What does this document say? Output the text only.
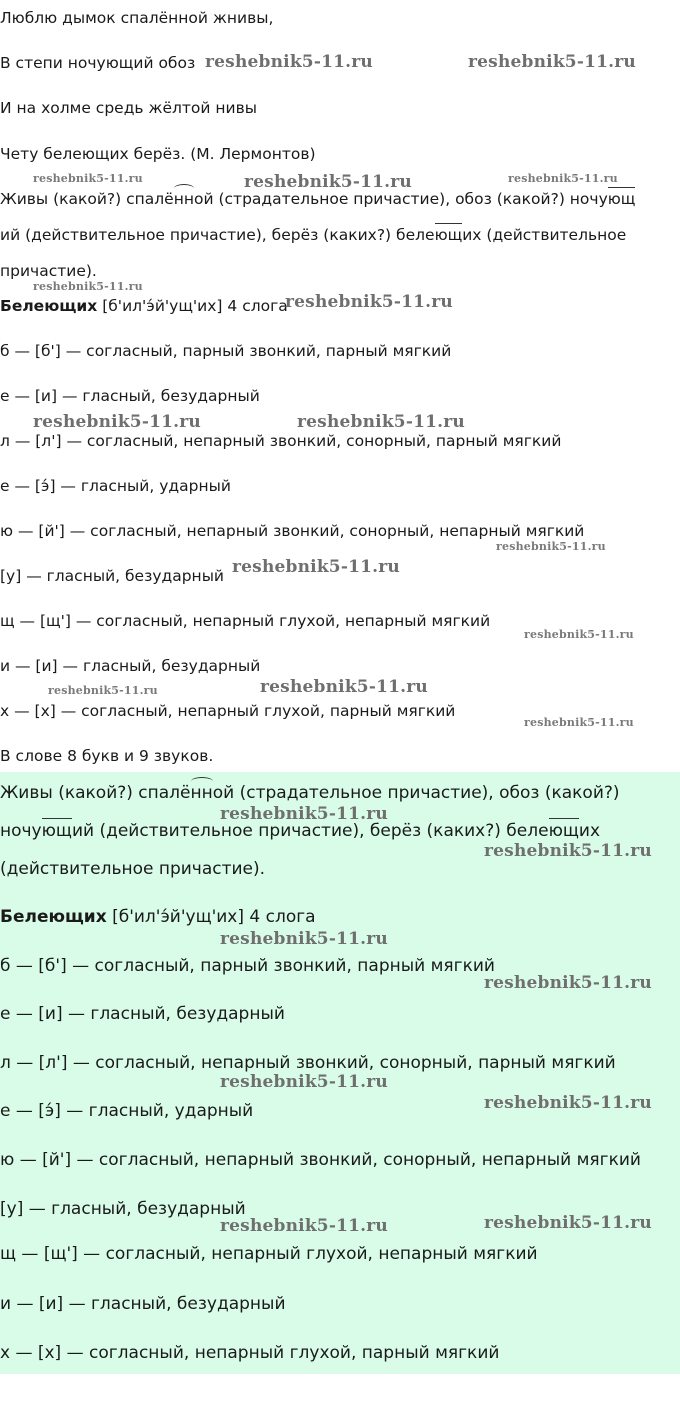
Люблю дымок спалённой жнивы,
В степи ночующий обоз
И на холме средь жёлтой нивы
Чету белеющих берёз. (М. Лермонтов)
Живы (какой?) спалённой (страдательное причастие), обоз (какой?) ночующ
ий (действительное причастие), берёз (каких?) белеющих (действительное
причастие).
Белеющих [б'ил'э́й'ущ'их] 4 слога
б — [б'] — согласный, парный звонкий, парный мягкий
е — [и] — гласный, безударный
л — [л'] — согласный, непарный звонкий, сонорный, парный мягкий
е — [э́] — гласный, ударный
ю — [й'] — согласный, непарный звонкий, сонорный, непарный мягкий
[у] — гласный, безударный
щ — [щ'] — согласный, непарный глухой, непарный мягкий
и — [и] — гласный, безударный
х — [х] — согласный, непарный глухой, парный мягкий
В слове 8 букв и 9 звуков.
Живы (какой?) спалённой (страдательное причастие), обоз (какой?)
ночующий (действительное причастие), берёз (каких?) белеющих
(действительное причастие).
Белеющих [б'ил'э́й'ущ'их] 4 слога
б — [б'] — согласный, парный звонкий, парный мягкий
е — [и] — гласный, безударный
л — [л'] — согласный, непарный звонкий, сонорный, парный мягкий
е — [э́] — гласный, ударный
ю — [й'] — согласный, непарный звонкий, сонорный, непарный мягкий
[у] — гласный, безударный
щ — [щ'] — согласный, непарный глухой, непарный мягкий
и — [и] — гласный, безударный
х — [х] — согласный, непарный глухой, парный мягкий
reshebnik5-11.ru	reshebnik5-11.ru
reshebnik5-11.ru	reshebnik5-11.ru	reshebnik5-11.ru
reshebnik5-11.ru
reshebnik5-11.ru
reshebnik5-11.ru	reshebnik5-11.ru
reshebnik5-11.ru
reshebnik5-11.ru
reshebnik5-11.ru
reshebnik5-11.ru	reshebnik5-11.ru
reshebnik5-11.ru
reshebnik5-11.ru
reshebnik5-11.ru
reshebnik5-11.ru
reshebnik5-11.ru
reshebnik5-11.ru
reshebnik5-11.ru
reshebnik5-11.ru	reshebnik5-11.ru
